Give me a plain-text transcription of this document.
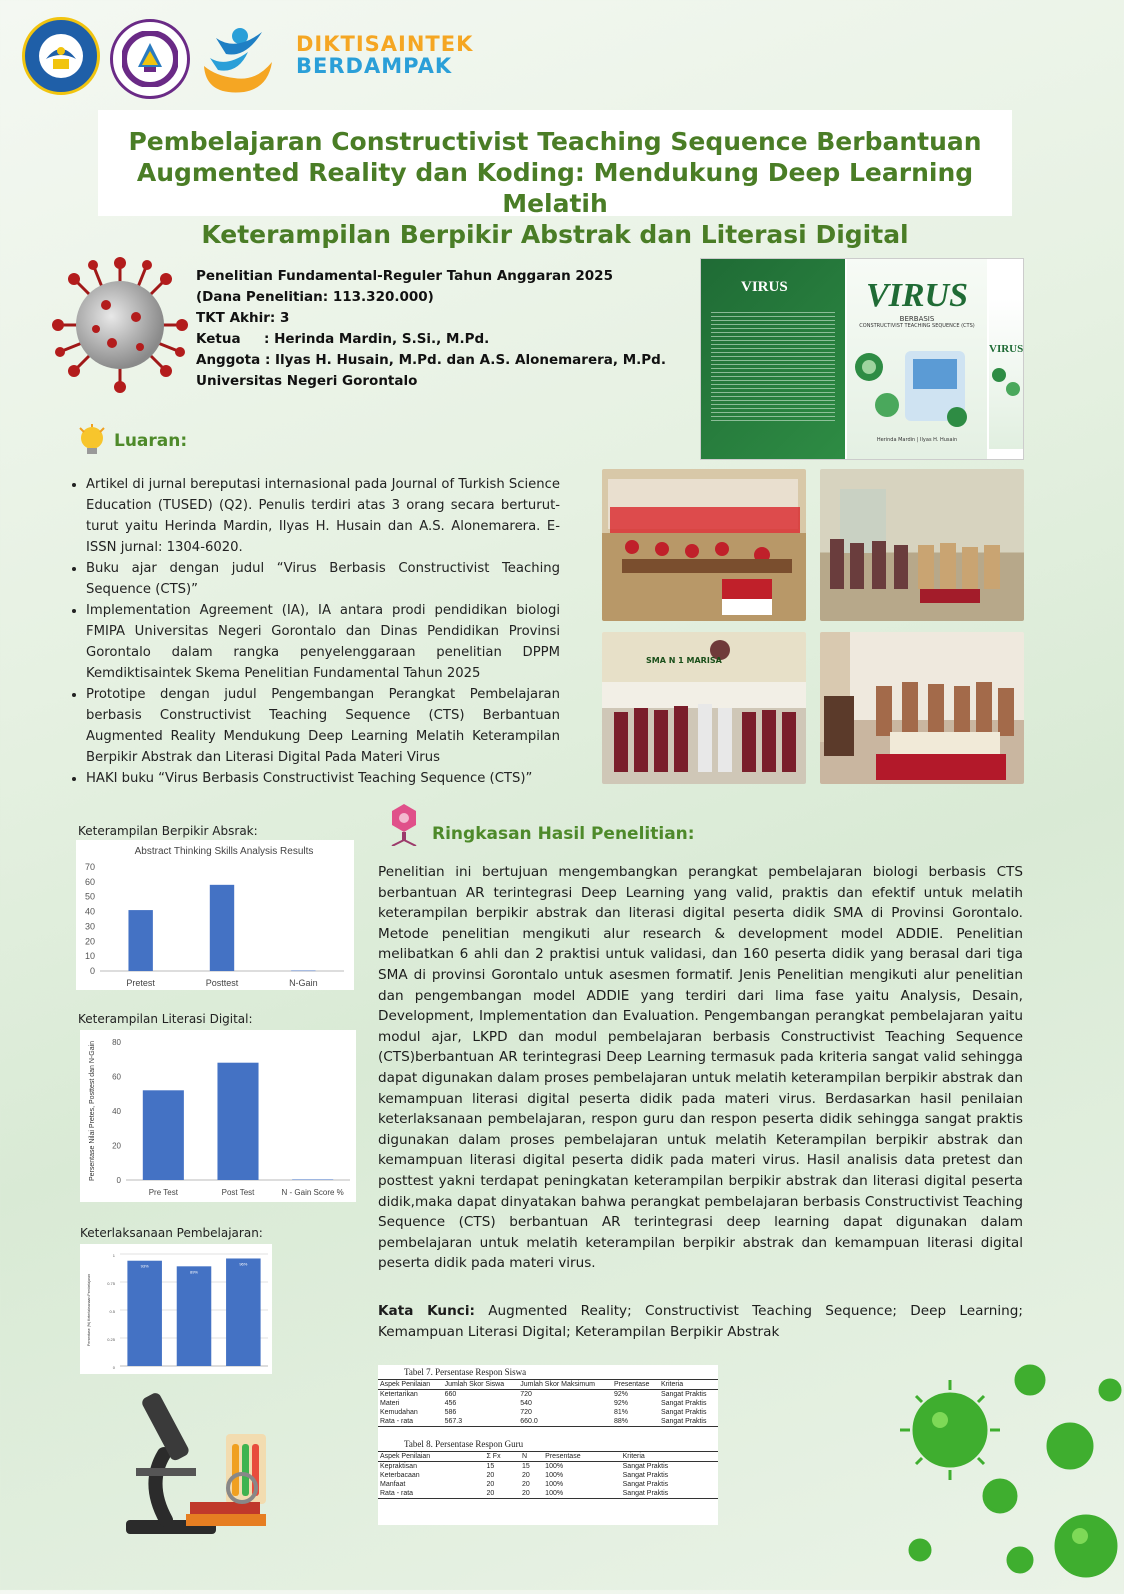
DIKTISAINTEK
BERDAMPAK
Pembelajaran Constructivist Teaching Sequence Berbantuan
Augmented Reality dan Koding: Mendukung Deep Learning Melatih
Keterampilan Berpikir Abstrak dan Literasi Digital
Penelitian Fundamental-Reguler Tahun Anggaran 2025
(Dana Penelitian: 113.320.000)
TKT Akhir: 3
Ketua : Herinda Mardin, S.Si., M.Pd.
Anggota : Ilyas H. Husain, M.Pd. dan A.S. Alonemarera, M.Pd.
Universitas Negeri Gorontalo
VIRUS	VIRUS
BERBASIS
CONSTRUCTIVIST TEACHING SEQUENCE (CTS)
Herinda Mardin | Ilyas H. Husain
VIRUS
Luaran:
• Artikel di jurnal bereputasi internasional pada Journal of Turkish Science Education (TUSED) (Q2). Penulis terdiri atas 3 orang secara berturut-turut yaitu Herinda Mardin, Ilyas H. Husain dan A.S. Alonemarera. E-ISSN jurnal: 1304-6020.
• Buku ajar dengan judul “Virus Berbasis Constructivist Teaching Sequence (CTS)”
• Implementation Agreement (IA), IA antara prodi pendidikan biologi FMIPA Universitas Negeri Gorontalo dan Dinas Pendidikan Provinsi Gorontalo dalam rangka penyelenggaraan penelitian DPPM Kemdiktisaintek Skema Penelitian Fundamental Tahun 2025
• Prototipe dengan judul Pengembangan Perangkat Pembelajaran berbasis Constructivist Teaching Sequence (CTS) Berbantuan Augmented Reality Mendukung Deep Learning Melatih Keterampilan Berpikir Abstrak dan Literasi Digital Pada Materi Virus
• HAKI buku “Virus Berbasis Constructivist Teaching Sequence (CTS)”
SMA N 1 MARISA
Keterampilan Berpikir Absrak:
Abstract Thinking Skills Analysis Results
0
10
20
30
40
50
60
70
Pretest	Posttest	N-Gain
Keterampilan Literasi Digital:
Persentase Nilai Pretes, Posttest dan N-Gain	0
20
40
60
80
Pre Test	Post Test	N - Gain Score %
Keterlaksanaan Pembelajaran:
Persentase (%) Keterlaksanaan Pembelajaran
0
0.25
0.5
0.75
1
93%
89%
96%
Ringkasan Hasil Penelitian:
Penelitian ini bertujuan mengembangkan perangkat pembelajaran biologi berbasis CTS berbantuan AR terintegrasi Deep Learning yang valid, praktis dan efektif untuk melatih keterampilan berpikir abstrak dan literasi digital peserta didik SMA di Provinsi Gorontalo. Metode penelitian mengikuti alur research & development model ADDIE. Penelitian melibatkan 6 ahli dan 2 praktisi untuk validasi, dan 160 peserta didik yang berasal dari tiga SMA di provinsi Gorontalo untuk asesmen formatif. Jenis Penelitian mengikuti alur penelitian dan pengembangan model ADDIE yang terdiri dari lima fase yaitu Analysis, Desain, Development, Implementation dan Evaluation. Pengembangan perangkat pembelajaran yaitu modul ajar, LKPD dan modul pembelajaran berbasis Constructivist Teaching Sequence (CTS)berbantuan AR terintegrasi Deep Learning termasuk pada kriteria sangat valid sehingga dapat digunakan dalam proses pembelajaran untuk melatih keterampilan berpikir abstrak dan kemampuan literasi digital peserta didik pada materi virus. Berdasarkan hasil penilaian keterlaksanaan pembelajaran, respon guru dan respon peserta didik sehingga sangat praktis digunakan dalam proses pembelajaran untuk melatih Keterampilan berpikir abstrak dan kemampuan literasi digital peserta didik pada materi virus. Hasil analisis data pretest dan posttest yakni terdapat peningkatan keterampilan berpikir abstrak dan literasi digital peserta didik,maka dapat dinyatakan bahwa perangkat pembelajaran berbasis Constructivist Teaching Sequence (CTS) berbantuan AR terintegrasi deep learning dapat digunakan dalam pembelajaran untuk melatih keterampilan berpikir abstrak dan kemampuan literasi digital peserta didik pada materi virus.
Kata Kunci: Augmented Reality; Constructivist Teaching Sequence; Deep Learning; Kemampuan Literasi Digital; Keterampilan Berpikir Abstrak
Tabel 7. Persentase Respon Siswa
Aspek Penilaian	Jumlah Skor Siswa	Jumlah Skor Maksimum	Presentase	Kriteria
Ketertarikan	660	720	92%	Sangat Praktis
Materi	456	540	92%	Sangat Praktis
Kemudahan	586	720	81%	Sangat Praktis
Rata - rata	567.3	660.0	88%	Sangat Praktis
Tabel 8. Persentase Respon Guru
Aspek Penilaian	Σ Fx	N	Presentase	Kriteria
Kepraktisan	15	15	100%	Sangat Praktis
Keterbacaan	20	20	100%	Sangat Praktis
Manfaat	20	20	100%	Sangat Praktis
Rata - rata	20	20	100%	Sangat Praktis
